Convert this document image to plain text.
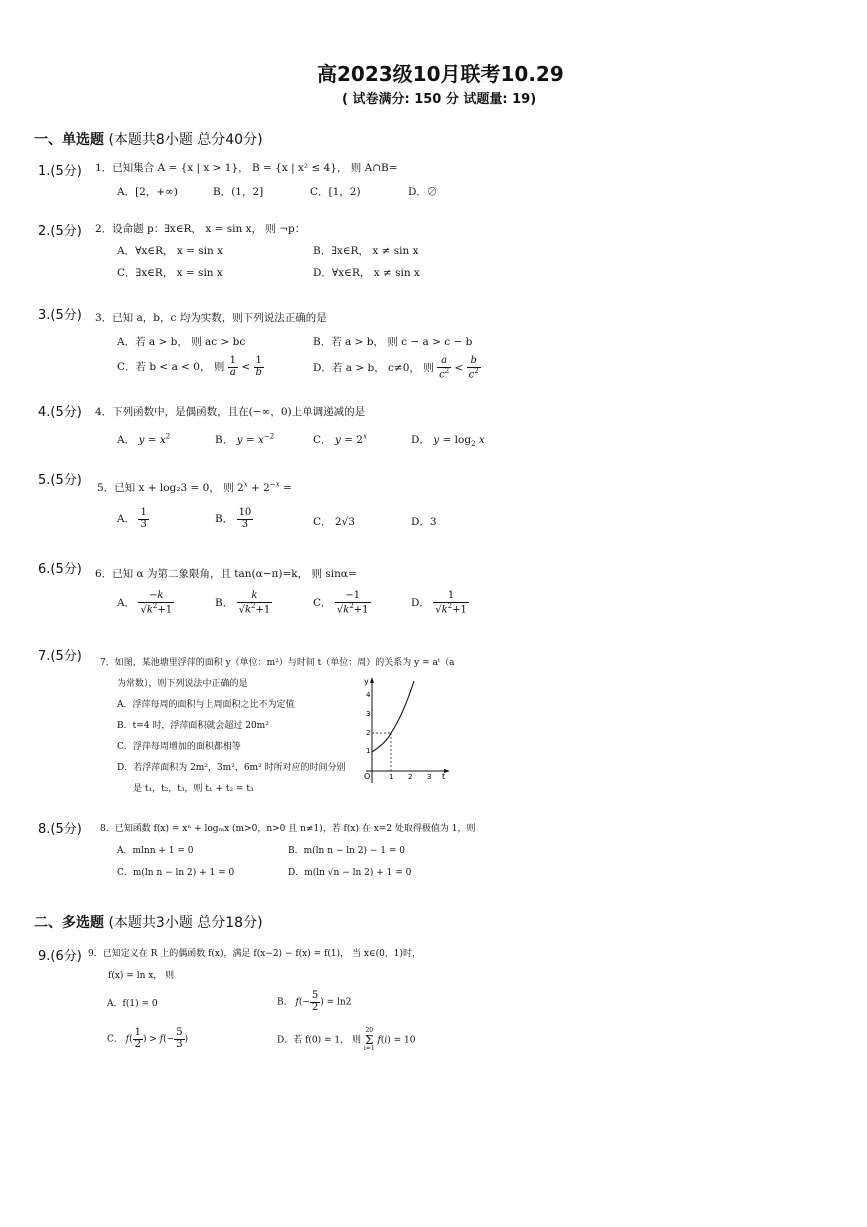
高2023级10月联考10.29
( 试卷满分: 150 分 试题量: 19)
一、单选题 (本题共8小题 总分40分)
1.(5分) 1．已知集合 A = {x | x > 1}， B = {x | x² ≤ 4}， 则 A∩B=
A．[2，+∞)	B．(1，2]	C．[1，2)	D．∅
2.(5分) 2．设命题 p：∃x∈R， x = sin x， 则 ¬p：
A．∀x∈R， x = sin x	B．∃x∈R， x ≠ sin x
C．∃x∈R， x = sin x	D．∀x∈R， x ≠ sin x
3.(5分) 3．已知 a，b，c 均为实数，则下列说法正确的是
A．若 a > b， 则 ac > bc	B．若 a > b， 则 c − a > c − b
C．若 b < a < 0， 则 $\frac{1}{a} < \frac{1}{b}$	D．若 a > b， c≠0， 则 $\frac{a}{c^2} < \frac{b}{c^2}$
4.(5分) 4．下列函数中，是偶函数，且在(−∞，0)上单调递减的是
A． $y = x^2$	B． $y = x^{-2}$	C． $y = 2^x$	D． $y = \log_2 x$
5.(5分) 5．已知 x + log₂3 = 0， 则 $2^x + 2^{-x}$ =
A． $\frac{1}{3}$	B． $\frac{10}{3}$	C． 2√3	D．3
6.(5分) 6．已知 α 为第二象限角，且 tan(α−π)=k， 则 sinα=
A． $\frac{-k}{√k^2+1}$	B． $\frac{k}{√k^2+1}$	C． $\frac{-1}{√k^2+1}$	D． $\frac{1}{√k^2+1}$
7.(5分) 7．如图，某池塘里浮萍的面积 y（单位：m²）与时间 t（单位：周）的关系为 y = aᵗ（a
为常数），则下列说法中正确的是
A．浮萍每周的面积与上周面积之比不为定值
B．t=4 时，浮萍面积就会超过 20m²
C．浮萍每周增加的面积都相等
D．若浮萍面积为 2m²，3m²，6m² 时所对应的时间分别
是 t₁，t₂，t₃，则 t₁ + t₂ = t₃
y
t
O
1
2
3
4
1 2 3
8.(5分) 8．已知函数 f(x) = xⁿ + logₘx (m>0，n>0 且 n≠1)，若 f(x) 在 x=2 处取得极值为 1，则
A．mlnn + 1 = 0	B．m(ln n − ln 2) − 1 = 0
C．m(ln n − ln 2) + 1 = 0	D．m(ln √n − ln 2) + 1 = 0
二、多选题 (本题共3小题 总分18分)
9.(6分) 9．已知定义在 R 上的偶函数 f(x)，满足 f(x−2) − f(x) = f(1)， 当 x∈(0，1)时，
f(x) = ln x， 则
A．f(1) = 0	B． $f(- \frac{5}{2}$ ) = ln2
C． $f( \frac{1}{2}$ ) > $f(- \frac{5}{3}$ )	D．若 f(0) = 1， 则 20
Σ
i=1 f(i) = 10
